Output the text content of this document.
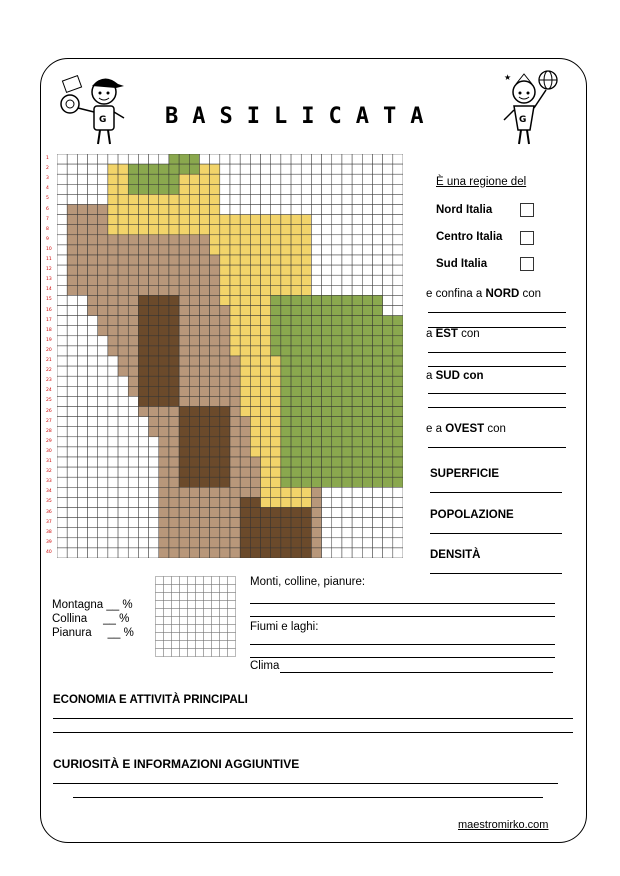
G	G
★
BASILICATA
1
2
3
4
5
6
7
8
9
10
11
12
13
14
15
16
17
18
19
20
21
22
23
24
25
26
27
28
29
30
31
32
33
34
35
36
37
38
39
40
È una regione del
Nord Italia
Centro Italia
Sud Italia
e confina a NORD con
a EST con
a SUD con
e a OVEST con
SUPERFICIE
POPOLAZIONE
DENSITÀ
Montagna __ %
Collina     __ %
Pianura     __ %
Monti, colline, pianure:
Fiumi e laghi:
Clima
ECONOMIA E ATTIVITÀ PRINCIPALI
CURIOSITÀ E INFORMAZIONI AGGIUNTIVE
maestromirko.com
